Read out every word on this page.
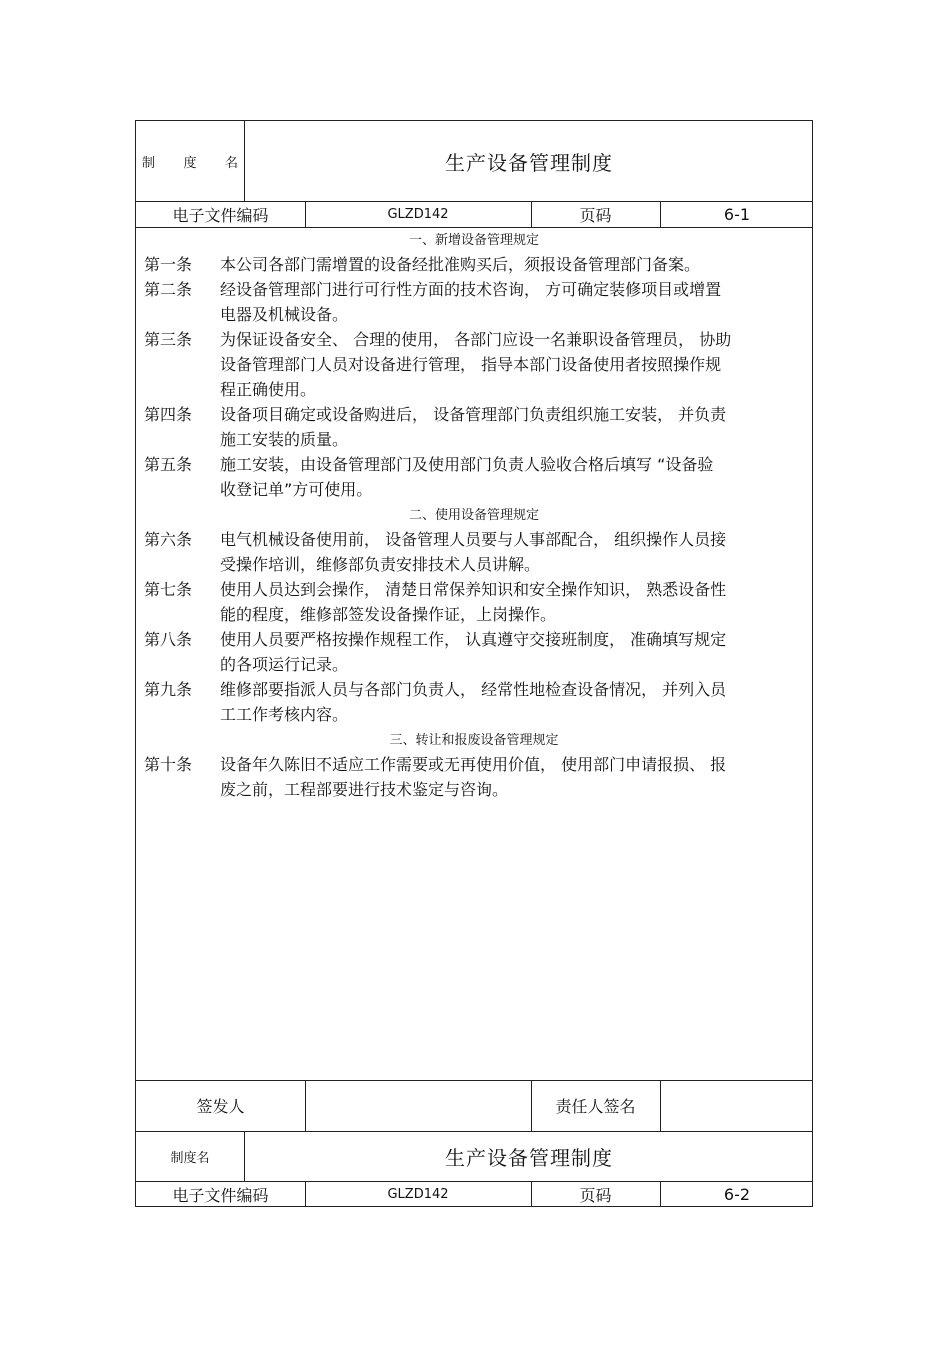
制 度 名	生产设备管理制度
电子文件编码	GLZD142	页码	6-1
一、新增设备管理规定
第一条 本公司各部门需增置的设备经批准购买后，须报设备管理部门备案。
第二条 经设备管理部门进行可行性方面的技术咨询， 方可确定装修项目或增置
电器及机械设备。
第三条 为保证设备安全、 合理的使用， 各部门应设一名兼职设备管理员， 协助
设备管理部门人员对设备进行管理， 指导本部门设备使用者按照操作规
程正确使用。
第四条 设备项目确定或设备购进后， 设备管理部门负责组织施工安装， 并负责
施工安装的质量。
第五条 施工安装，由设备管理部门及使用部门负责人验收合格后填写 “设备验
收登记单”方可使用。
二、使用设备管理规定
第六条 电气机械设备使用前， 设备管理人员要与人事部配合， 组织操作人员接
受操作培训，维修部负责安排技术人员讲解。
第七条 使用人员达到会操作， 清楚日常保养知识和安全操作知识， 熟悉设备性
能的程度，维修部签发设备操作证，上岗操作。
第八条 使用人员要严格按操作规程工作， 认真遵守交接班制度， 准确填写规定
的各项运行记录。
第九条 维修部要指派人员与各部门负责人， 经常性地检查设备情况， 并列入员
工工作考核内容。
三、转让和报废设备管理规定
第十条 设备年久陈旧不适应工作需要或无再使用价值， 使用部门申请报损、 报
废之前，工程部要进行技术鉴定与咨询。
签发人	责任人签名
制度名	生产设备管理制度
电子文件编码	GLZD142	页码	6-2
